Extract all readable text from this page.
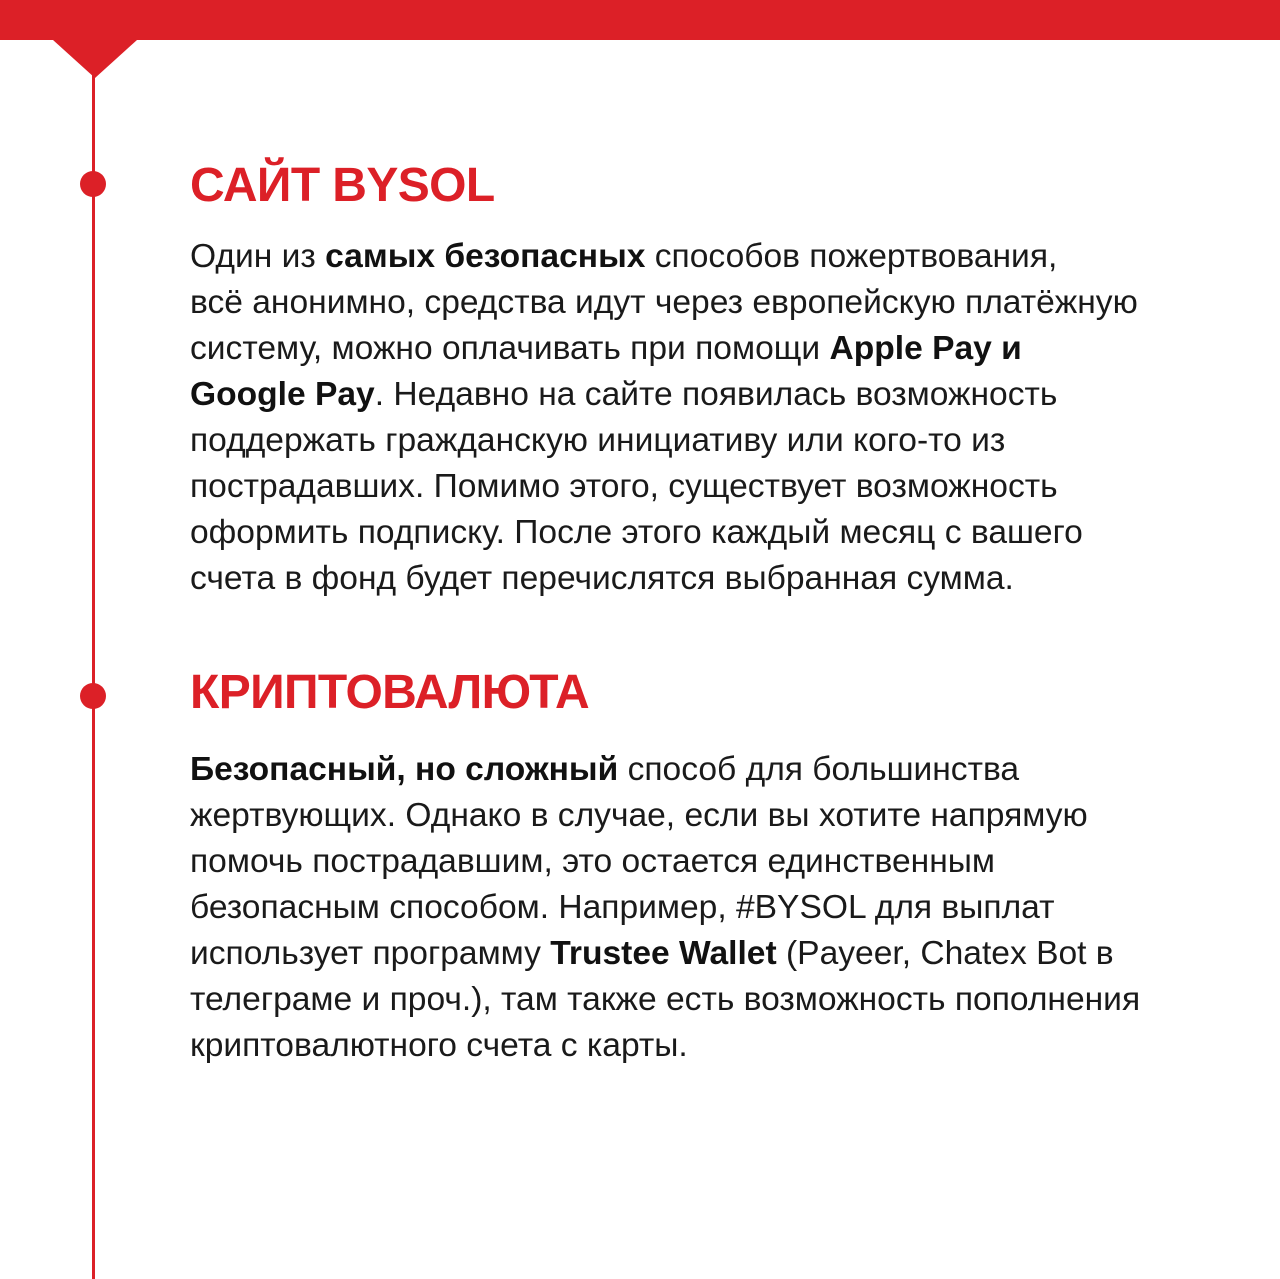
САЙТ BYSOL
Один из самых безопасных способов пожертвования,
всё анонимно, средства идут через европейскую платёжную
систему, можно оплачивать при помощи Apple Pay и
Google Pay. Недавно на сайте появилась возможность
поддержать гражданскую инициативу или кого-то из
пострадавших. Помимо этого, существует возможность
оформить подписку. После этого каждый месяц с вашего
счета в фонд будет перечислятся выбранная сумма.
КРИПТОВАЛЮТА
Безопасный, но сложный способ для большинства
жертвующих. Однако в случае, если вы хотите напрямую
помочь пострадавшим, это остается единственным
безопасным способом. Например, #BYSOL для выплат
использует программу Trustee Wallet (Payeer, Chatex Bot в
телеграме и проч.), там также есть возможность пополнения
криптовалютного счета с карты.
